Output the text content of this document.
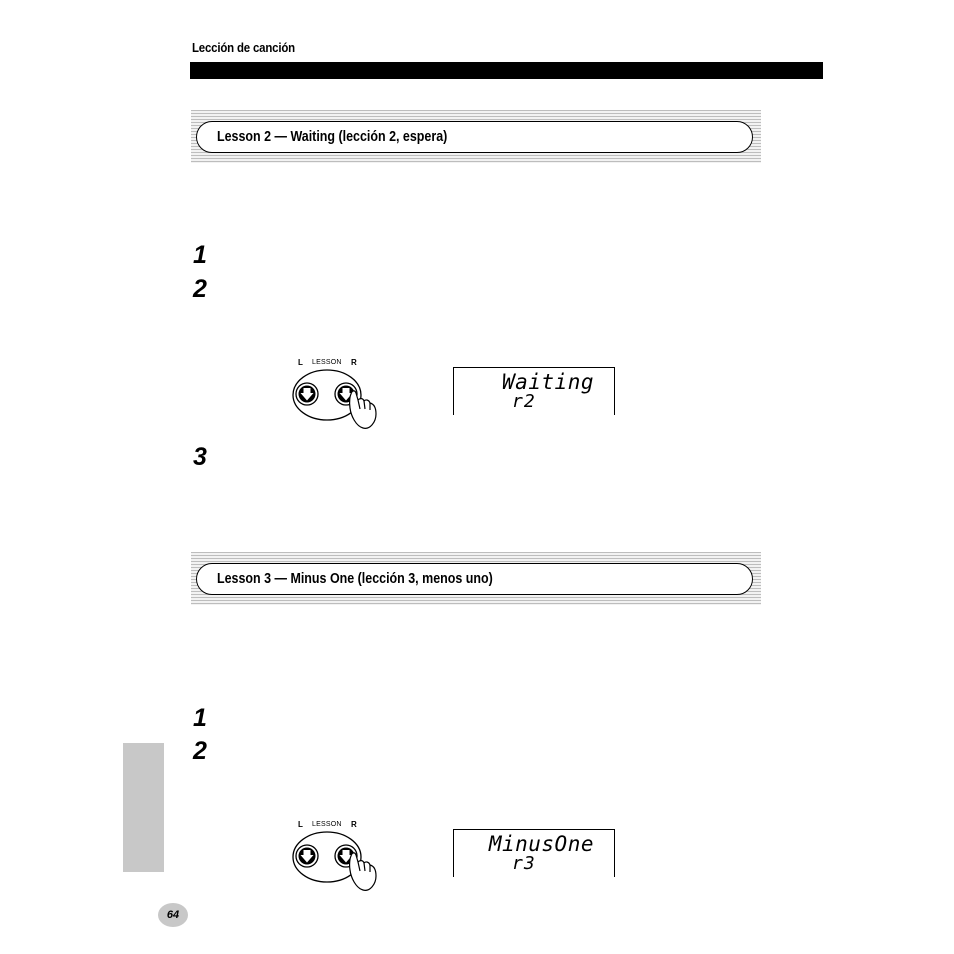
Lección de canción
Lesson 2 — Waiting (lección 2, espera)
1
2
L LESSON R
Waiting
r2
3
Lesson 3 — Minus One (lección 3, menos uno)
1
2
L LESSON R
MinusOne
r3
64
